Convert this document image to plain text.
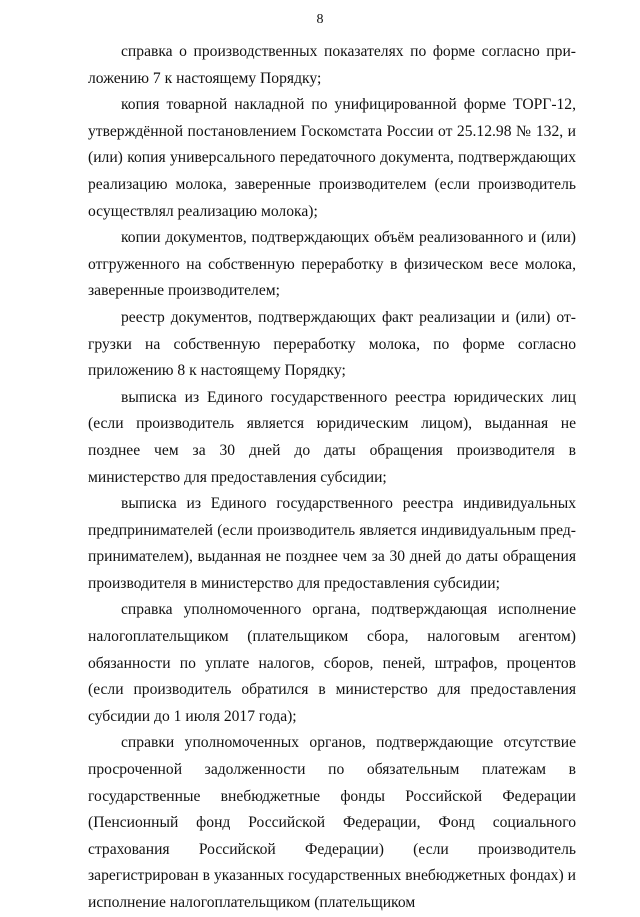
8

справка о производственных показателях по форме согласно приложению 7 к настоящему Порядку;

копия товарной накладной по унифицированной форме ТОРГ-12, утверждённой постановлением Госкомстата России от 25.12.98 № 132, и (или) копия универсального передаточного документа, подтверждающих реализацию молока, заверенные производителем (если производитель осуществлял реализацию молока);

копии документов, подтверждающих объём реализованного и (или) отгруженного на собственную переработку в физическом весе молока, заверенные производителем;

реестр документов, подтверждающих факт реализации и (или) отгрузки на собственную переработку молока, по форме согласно приложению 8 к настоящему Порядку;

выписка из Единого государственного реестра юридических лиц (если производитель является юридическим лицом), выданная не позднее чем за 30 дней до даты обращения производителя в министерство для предоставления субсидии;

выписка из Единого государственного реестра индивидуальных предпринимателей (если производитель является индивидуальным предпринимателем), выданная не позднее чем за 30 дней до даты обращения производителя в министерство для предоставления субсидии;

справка уполномоченного органа, подтверждающая исполнение налогоплательщиком (плательщиком сбора, налоговым агентом) обязанности по уплате налогов, сборов, пеней, штрафов, процентов (если производитель обратился в министерство для предоставления субсидии до 1 июля 2017 года);

справки уполномоченных органов, подтверждающие отсутствие просроченной задолженности по обязательным платежам в государственные внебюджетные фонды Российской Федерации (Пенсионный фонд Российской Федерации, Фонд социального страхования Российской Федерации) (если производитель зарегистрирован в указанных государственных внебюджетных фондах) и исполнение налогоплательщиком (плательщиком
